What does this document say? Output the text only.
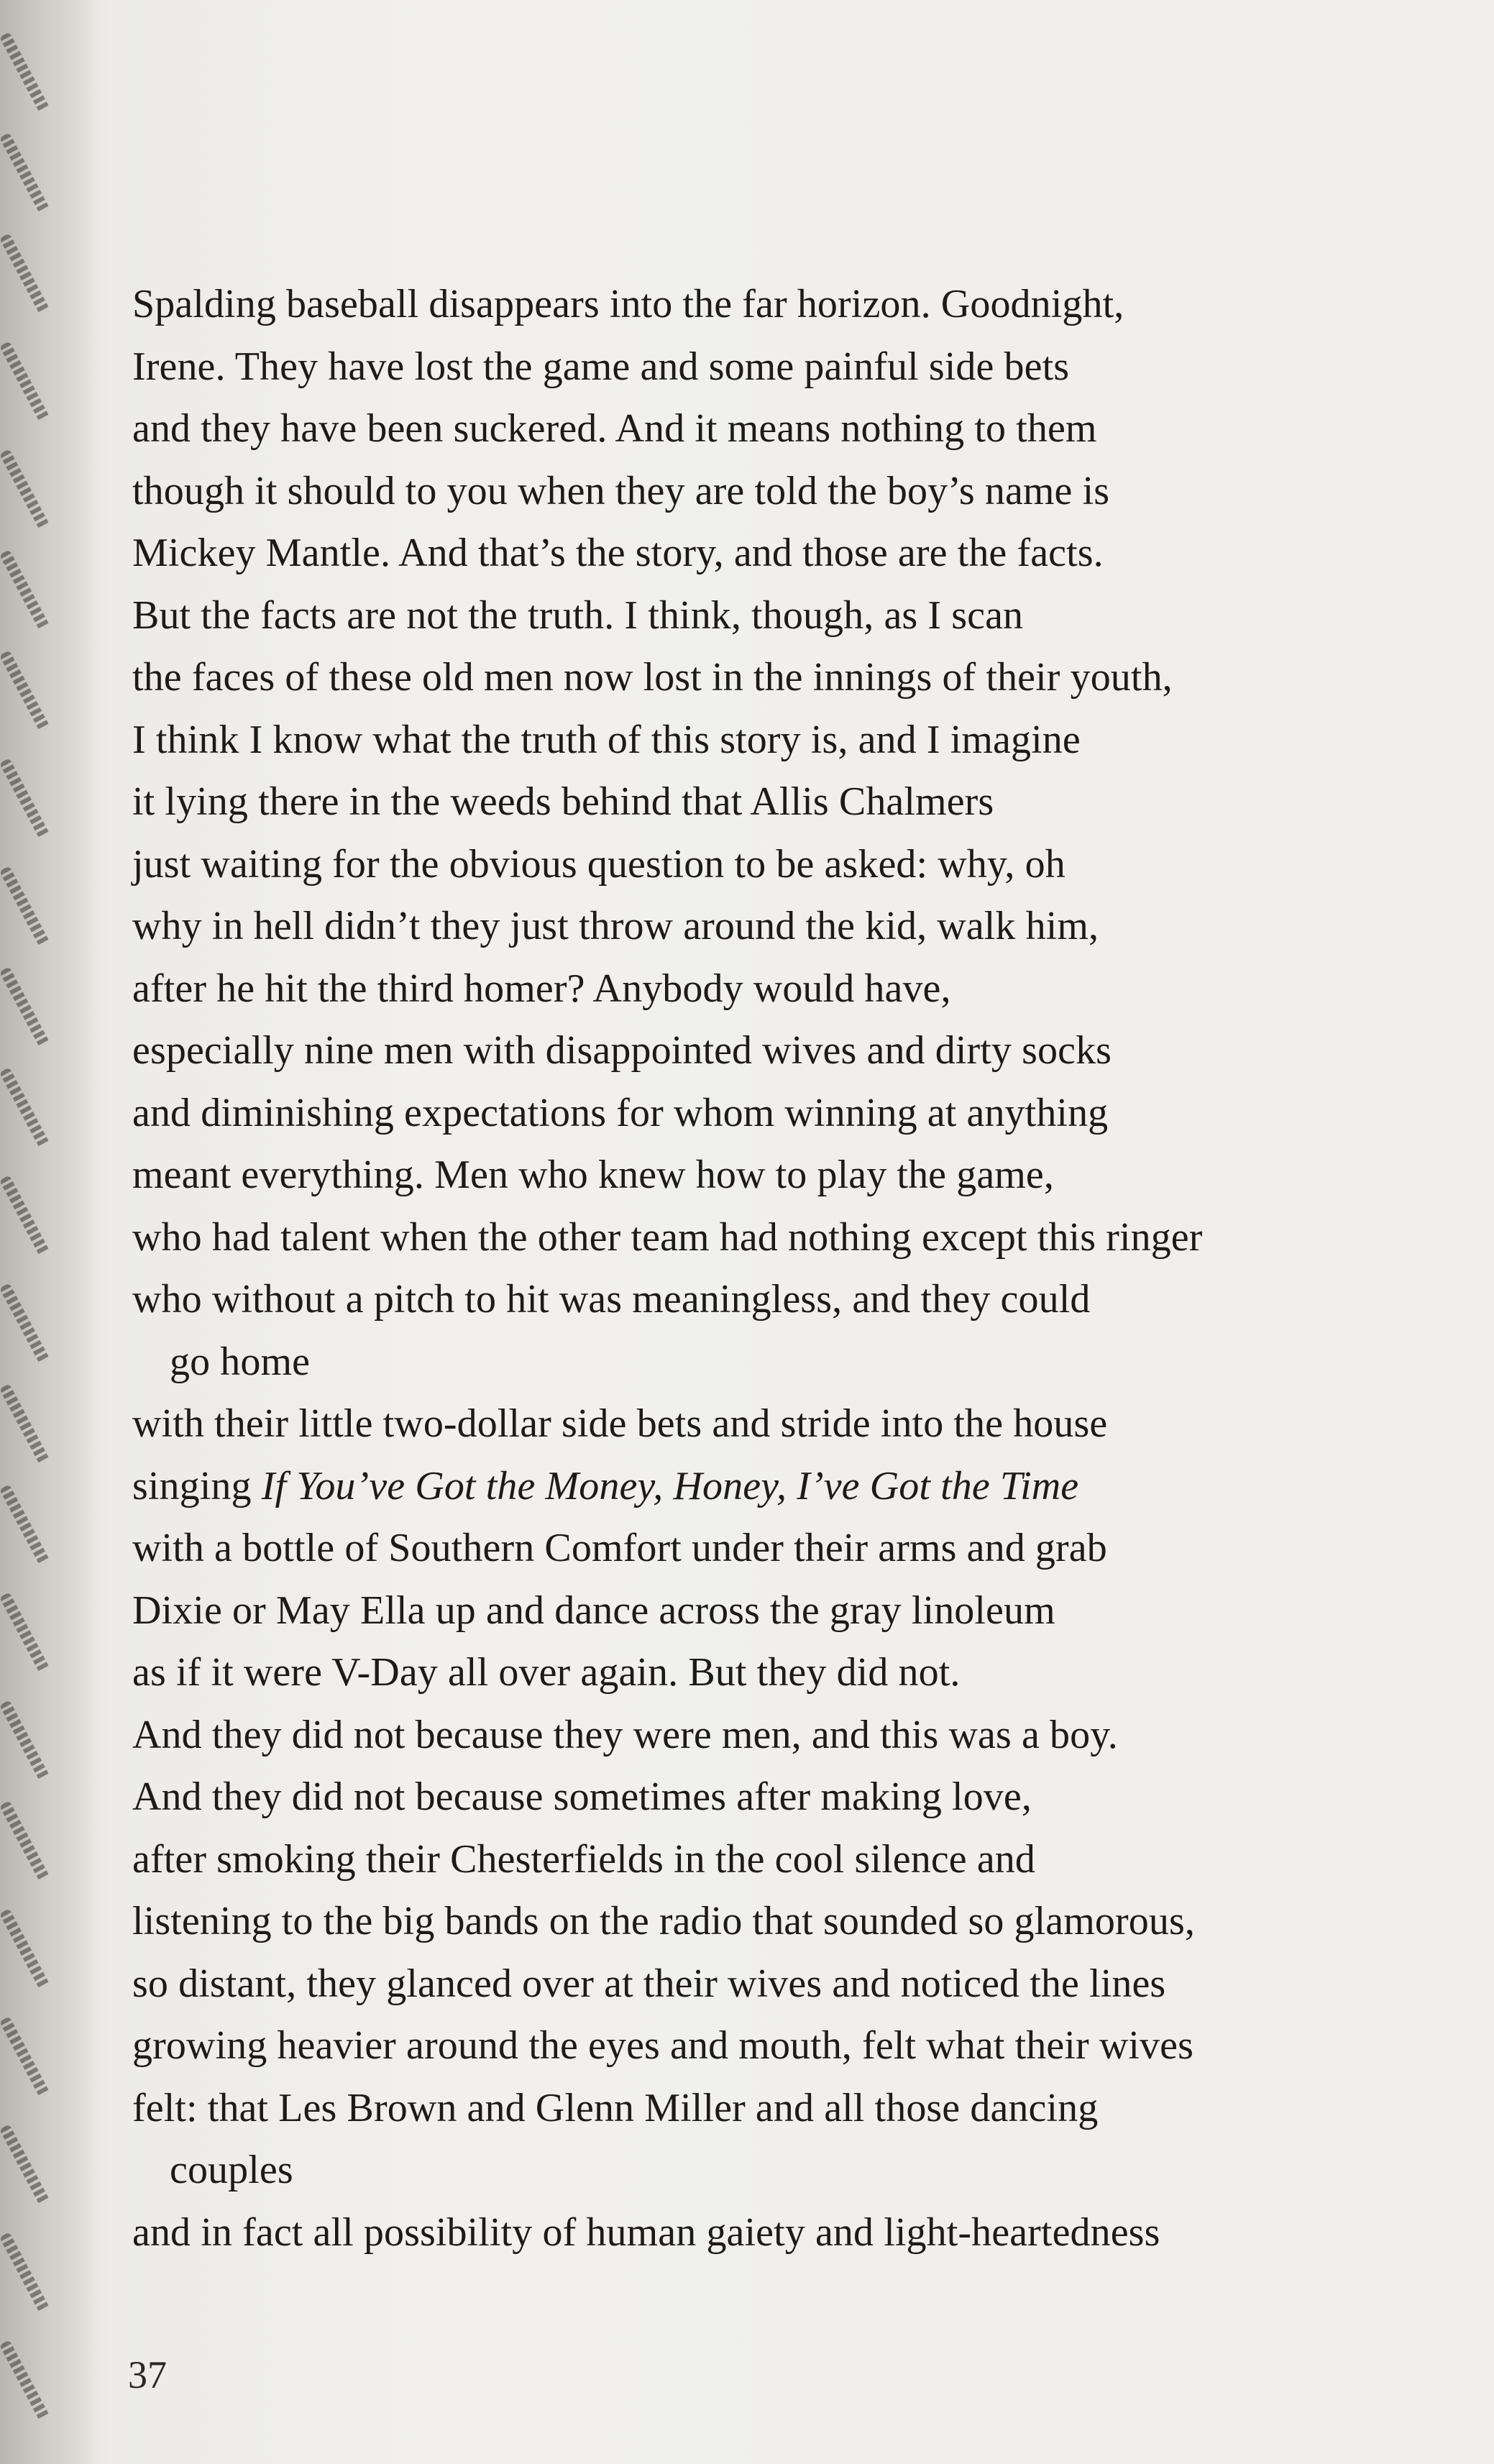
Spalding baseball disappears into the far horizon. Goodnight,
Irene. They have lost the game and some painful side bets
and they have been suckered. And it means nothing to them
though it should to you when they are told the boy’s name is
Mickey Mantle. And that’s the story, and those are the facts.
But the facts are not the truth. I think, though, as I scan
the faces of these old men now lost in the innings of their youth,
I think I know what the truth of this story is, and I imagine
it lying there in the weeds behind that Allis Chalmers
just waiting for the obvious question to be asked: why, oh
why in hell didn’t they just throw around the kid, walk him,
after he hit the third homer? Anybody would have,
especially nine men with disappointed wives and dirty socks
and diminishing expectations for whom winning at anything
meant everything. Men who knew how to play the game,
who had talent when the other team had nothing except this ringer
who without a pitch to hit was meaningless, and they could
go home
with their little two-dollar side bets and stride into the house
singing If You’ve Got the Money, Honey, I’ve Got the Time
with a bottle of Southern Comfort under their arms and grab
Dixie or May Ella up and dance across the gray linoleum
as if it were V-Day all over again. But they did not.
And they did not because they were men, and this was a boy.
And they did not because sometimes after making love,
after smoking their Chesterfields in the cool silence and
listening to the big bands on the radio that sounded so glamorous,
so distant, they glanced over at their wives and noticed the lines
growing heavier around the eyes and mouth, felt what their wives
felt: that Les Brown and Glenn Miller and all those dancing
couples
and in fact all possibility of human gaiety and light-heartedness
37
